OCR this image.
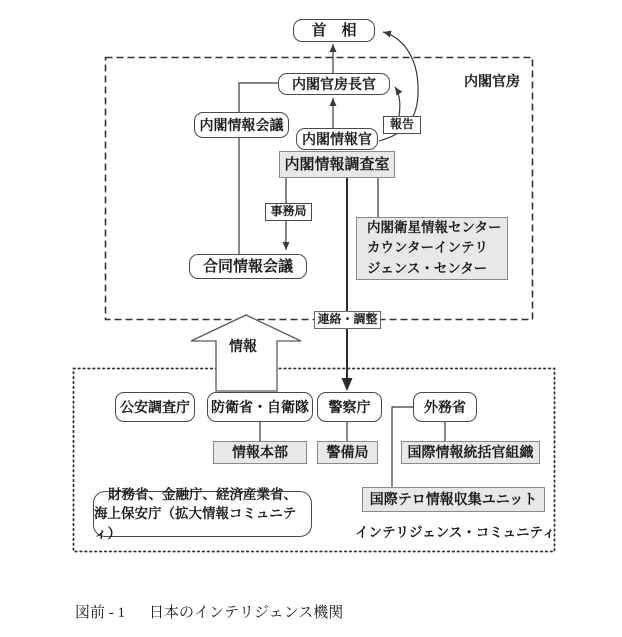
内閣官房
インテリジェンス・コミュニティ
情報
首　相
内閣官房長官
内閣情報会議	報告
内閣情報官
内閣情報調査室
事務局
内閣衛星情報センター
カウンターインテリ
ジェンス・センター
合同情報会議
連絡・調整
公安調査庁	防衛省・自衛隊	警察庁	外務省
情報本部	警備局	国際情報統括官組織
国際テロ情報収集ユニット
財務省、金融庁、経済産業省、
海上保安庁（拡大情報コミュニティ）
図前 - 1 日本のインテリジェンス機関
